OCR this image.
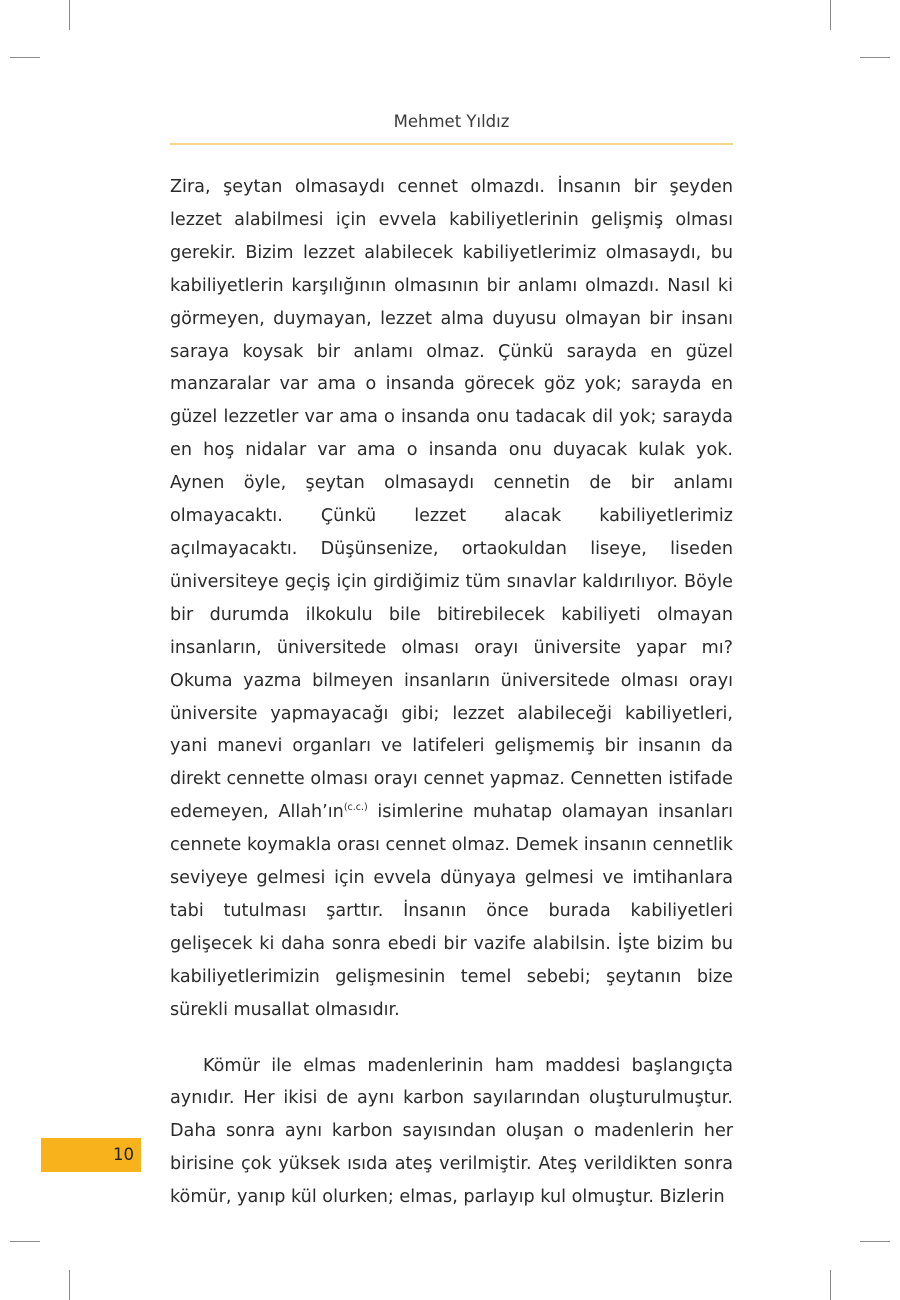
Mehmet Yıldız

Zira, şeytan olmasaydı cennet olmazdı. İnsanın bir şeyden lezzet alabilmesi için evvela kabiliyetlerinin gelişmiş olması gerekir. Bizim lezzet alabilecek kabiliyetlerimiz olmasaydı, bu kabiliyetlerin karşılığının olmasının bir anlamı olmazdı. Nasıl ki görmeyen, duymayan, lezzet alma duyusu olmayan bir insanı saraya koysak bir anlamı olmaz. Çünkü sarayda en güzel manzaralar var ama o insanda görecek göz yok; sarayda en güzel lezzetler var ama o insanda onu tadacak dil yok; sarayda en hoş nidalar var ama o insanda onu duyacak kulak yok. Aynen öyle, şeytan olmasaydı cennetin de bir anlamı olmayacaktı. Çünkü lezzet alacak kabiliyetlerimiz açılmayacaktı. Düşünsenize, ortaokuldan liseye, liseden üniversiteye geçiş için girdiğimiz tüm sınavlar kaldırılıyor. Böyle bir durumda ilkokulu bile bitirebilecek kabiliyeti olmayan insanların, üniversitede olması orayı üniversite yapar mı? Okuma yazma bilmeyen insanların üniversitede olması orayı üniversite yapmayacağı gibi; lezzet alabileceği kabiliyetleri, yani manevi organları ve latifeleri gelişmemiş bir insanın da direkt cennette olması orayı cennet yapmaz. Cennetten istifade edemeyen, $Allah’ın^{(c.c.)}$ isimlerine muhatap olamayan insanları cennete koymakla orası cennet olmaz. Demek insanın cennetlik seviyeye gelmesi için evvela dünyaya gelmesi ve imtihanlara tabi tutulması şarttır. İnsanın önce burada kabiliyetleri gelişecek ki daha sonra ebedi bir vazife alabilsin. İşte bizim bu kabiliyetlerimizin gelişmesinin temel sebebi; şeytanın bize sürekli musallat olmasıdır.

Kömür ile elmas madenlerinin ham maddesi başlangıçta aynıdır. Her ikisi de aynı karbon sayılarından oluşturulmuştur. Daha sonra aynı karbon sayısından oluşan o madenlerin her birisine çok yüksek ısıda ateş verilmiştir. Ateş verildikten sonra kömür, yanıp kül olurken; elmas, parlayıp kul olmuştur. Bizlerin

10
